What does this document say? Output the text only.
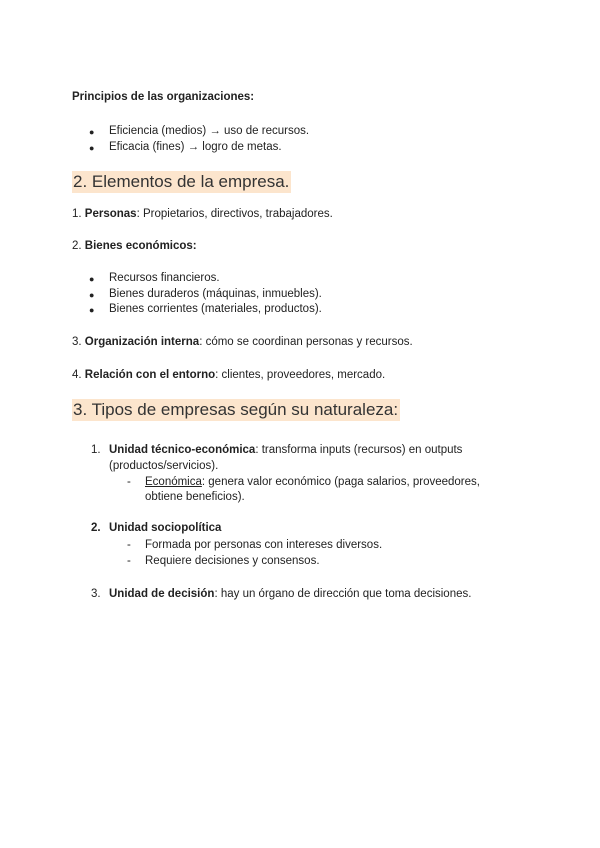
Principios de las organizaciones:
● Eficiencia (medios) → uso de recursos.
● Eficacia (fines) → logro de metas.
2. Elementos de la empresa.
1. Personas: Propietarios, directivos, trabajadores.
2. Bienes económicos:
● Recursos financieros.
● Bienes duraderos (máquinas, inmuebles).
● Bienes corrientes (materiales, productos).
3. Organización interna: cómo se coordinan personas y recursos.
4. Relación con el entorno: clientes, proveedores, mercado.
3. Tipos de empresas según su naturaleza:
1. Unidad técnico-económica: transforma inputs (recursos) en outputs
(productos/servicios).
- Económica: genera valor económico (paga salarios, proveedores,
obtiene beneficios).
2. Unidad sociopolítica
- Formada por personas con intereses diversos.
- Requiere decisiones y consensos.
3. Unidad de decisión: hay un órgano de dirección que toma decisiones.
